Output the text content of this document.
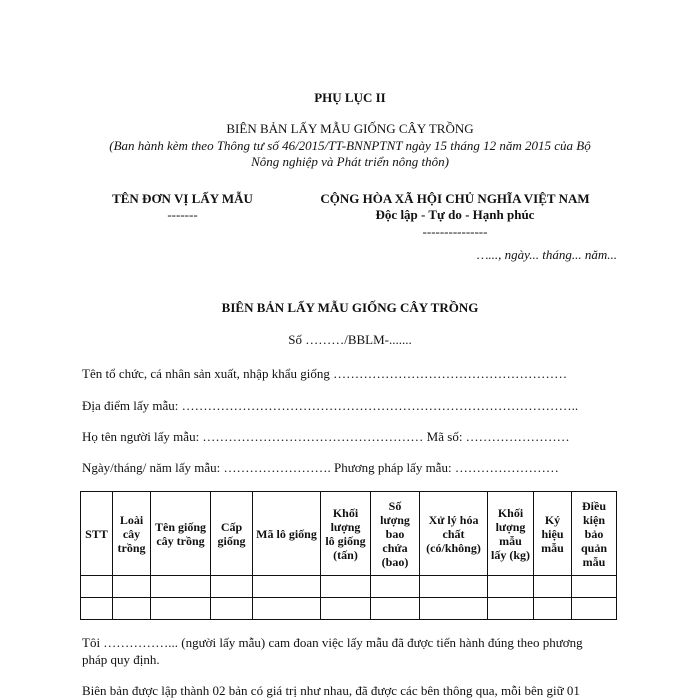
PHỤ LỤC II
BIÊN BẢN LẤY MẪU GIỐNG CÂY TRỒNG
(Ban hành kèm theo Thông tư số 46/2015/TT-BNNPTNT ngày 15 tháng 12 năm 2015 của Bộ
Nông nghiệp và Phát triển nông thôn)
TÊN ĐƠN VỊ LẤY MẪU
-------
CỘNG HÒA XÃ HỘI CHỦ NGHĨA VIỆT NAM
Độc lập - Tự do - Hạnh phúc
---------------
…..., ngày... tháng... năm...
BIÊN BẢN LẤY MẪU GIỐNG CÂY TRỒNG
Số ………/BBLM-.......
Tên tổ chức, cá nhân sản xuất, nhập khẩu giống ………………………………………………
Địa điểm lấy mẫu: ………………………………………………………………………………..
Họ tên người lấy mẫu: …………………………………………… Mã số: ……………………
Ngày/tháng/ năm lấy mẫu: ……………………. Phương pháp lấy mẫu: ……………………
STT	Loài
cây
trồng	Tên giống
cây trồng	Cấp
giống	Mã lô giống	Khối
lượng
lô giống
(tấn)	Số
lượng
bao
chứa
(bao)	Xử lý hóa
chất
(có/không)	Khối
lượng
mẫu
lấy (kg)	Ký
hiệu
mẫu	Điều
kiện
bảo
quản
mẫu

Tôi ……………... (người lấy mẫu) cam đoan việc lấy mẫu đã được tiến hành đúng theo phương
pháp quy định.
Biên bản được lập thành 02 bản có giá trị như nhau, đã được các bên thông qua, mỗi bên giữ 01
